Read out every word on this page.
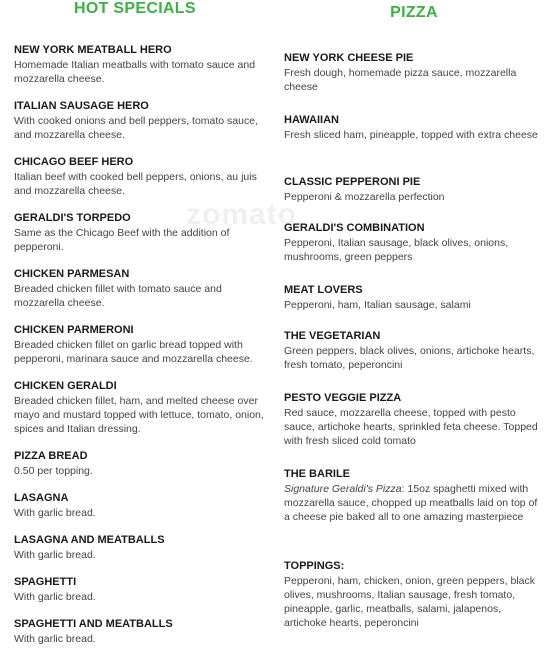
zomato
HOT SPECIALS

NEW YORK MEATBALL HERO

Homemade Italian meatballs with tomato sauce and mozzarella cheese.

ITALIAN SAUSAGE HERO

With cooked onions and bell peppers, tomato sauce, and mozzarella cheese.

CHICAGO BEEF HERO

Italian beef with cooked bell peppers, onions, au juis and mozzarella cheese.

GERALDI'S TORPEDO

Same as the Chicago Beef with the addition of pepperoni.

CHICKEN PARMESAN

Breaded chicken fillet with tomato sauce and mozzarella cheese.

CHICKEN PARMERONI

Breaded chicken fillet on garlic bread topped with pepperoni, marinara sauce and mozzarella cheese.

CHICKEN GERALDI

Breaded chicken fillet, ham, and melted cheese over mayo and mustard topped with lettuce, tomato, onion, spices and Italian dressing.

PIZZA BREAD

0.50 per topping.

LASAGNA

With garlic bread.

LASAGNA AND MEATBALLS

With garlic bread.

SPAGHETTI

With garlic bread.

SPAGHETTI AND MEATBALLS

With garlic bread.

PIZZA

NEW YORK CHEESE PIE

Fresh dough, homemade pizza sauce, mozzarella cheese

HAWAIIAN

Fresh sliced ham, pineapple, topped with extra cheese

CLASSIC PEPPERONI PIE

Pepperoni & mozzarella perfection

GERALDI'S COMBINATION

Pepperoni, Italian sausage, black olives, onions, mushrooms, green peppers

MEAT LOVERS

Pepperoni, ham, Italian sausage, salami

THE VEGETARIAN

Green peppers, black olives, onions, artichoke hearts, fresh tomato, peperoncini

PESTO VEGGIE PIZZA

Red sauce, mozzarella cheese, topped with pesto sauce, artichoke hearts, sprinkled feta cheese. Topped with fresh sliced cold tomato

THE BARILE

Signature Geraldi's Pizza: 15oz spaghetti mixed with mozzarella sauce, chopped up meatballs laid on top of a cheese pie baked all to one amazing masterpiece

TOPPINGS:

Pepperoni, ham, chicken, onion, green peppers, black olives, mushrooms, Italian sausage, fresh tomato, pineapple, garlic, meatballs, salami, jalapenos, artichoke hearts, peperoncini
